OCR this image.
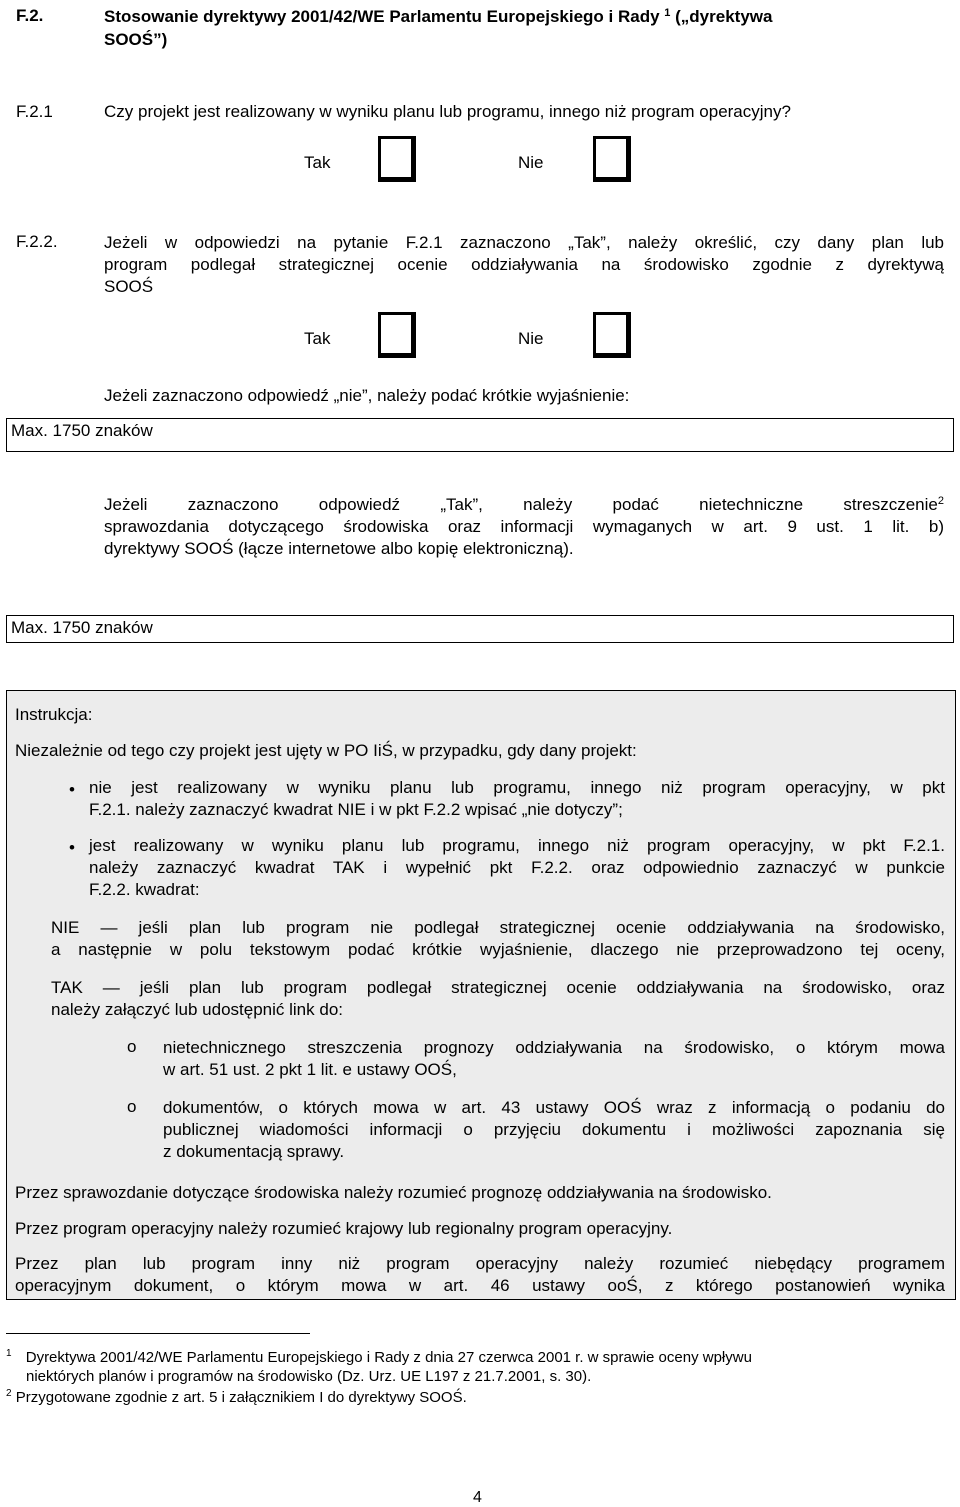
F.2.	Stosowanie dyrektywy 2001/42/WE Parlamentu Europejskiego i Rady $^1$ („dyrektywa
SOOŚ”)
F.2.1	Czy projekt jest realizowany w wyniku planu lub programu, innego niż program operacyjny?
Tak	Nie
F.2.2.	Jeżeli w odpowiedzi na pytanie F.2.1 zaznaczono „Tak”, należy określić, czy dany plan lub
program podlegał strategicznej ocenie oddziaływania na środowisko zgodnie z dyrektywą
SOOŚ
Tak	Nie
Jeżeli zaznaczono odpowiedź „nie”, należy podać krótkie wyjaśnienie:
Max. 1750 znaków
Jeżeli zaznaczono odpowiedź „Tak”, należy podać nietechniczne streszczenie$^2$
sprawozdania dotyczącego środowiska oraz informacji wymaganych w art. 9 ust. 1 lit. b)
dyrektywy SOOŚ (łącze internetowe albo kopię elektroniczną).
Max. 1750 znaków

Instrukcja:

Niezależnie od tego czy projekt jest ujęty w PO IiŚ, w przypadku, gdy dany projekt:

• nie jest realizowany w wyniku planu lub programu, innego niż program operacyjny, w pkt
F.2.1. należy zaznaczyć kwadrat NIE i w pkt F.2.2 wpisać „nie dotyczy”;
• jest realizowany w wyniku planu lub programu, innego niż program operacyjny, w pkt F.2.1.
należy zaznaczyć kwadrat TAK i wypełnić pkt F.2.2. oraz odpowiednio zaznaczyć w punkcie
F.2.2. kwadrat:
NIE — jeśli plan lub program nie podlegał strategicznej ocenie oddziaływania na środowisko,
a następnie w polu tekstowym podać krótkie wyjaśnienie, dlaczego nie przeprowadzono tej oceny,
TAK — jeśli plan lub program podlegał strategicznej ocenie oddziaływania na środowisko, oraz
należy załączyć lub udostępnić link do:
o nietechnicznego streszczenia prognozy oddziaływania na środowisko, o którym mowa
w art. 51 ust. 2 pkt 1 lit. e ustawy OOŚ,
o dokumentów, o których mowa w art. 43 ustawy OOŚ wraz z informacją o podaniu do
publicznej wiadomości informacji o przyjęciu dokumentu i możliwości zapoznania się
z dokumentacją sprawy.

Przez sprawozdanie dotyczące środowiska należy rozumieć prognozę oddziaływania na środowisko.

Przez program operacyjny należy rozumieć krajowy lub regionalny program operacyjny.

Przez plan lub program inny niż program operacyjny należy rozumieć niebędący programem
operacyjnym dokument, o którym mowa w art. 46 ustawy ooŚ, z którego postanowień wynika
$^1$ Dyrektywa 2001/42/WE Parlamentu Europejskiego i Rady z dnia 27 czerwca 2001 r. w sprawie oceny wpływu
niektórych planów i programów na środowisko (Dz. Urz. UE L197 z 21.7.2001, s. 30).
$^2$ Przygotowane zgodnie z art. 5 i załącznikiem I do dyrektywy SOOŚ.
4
